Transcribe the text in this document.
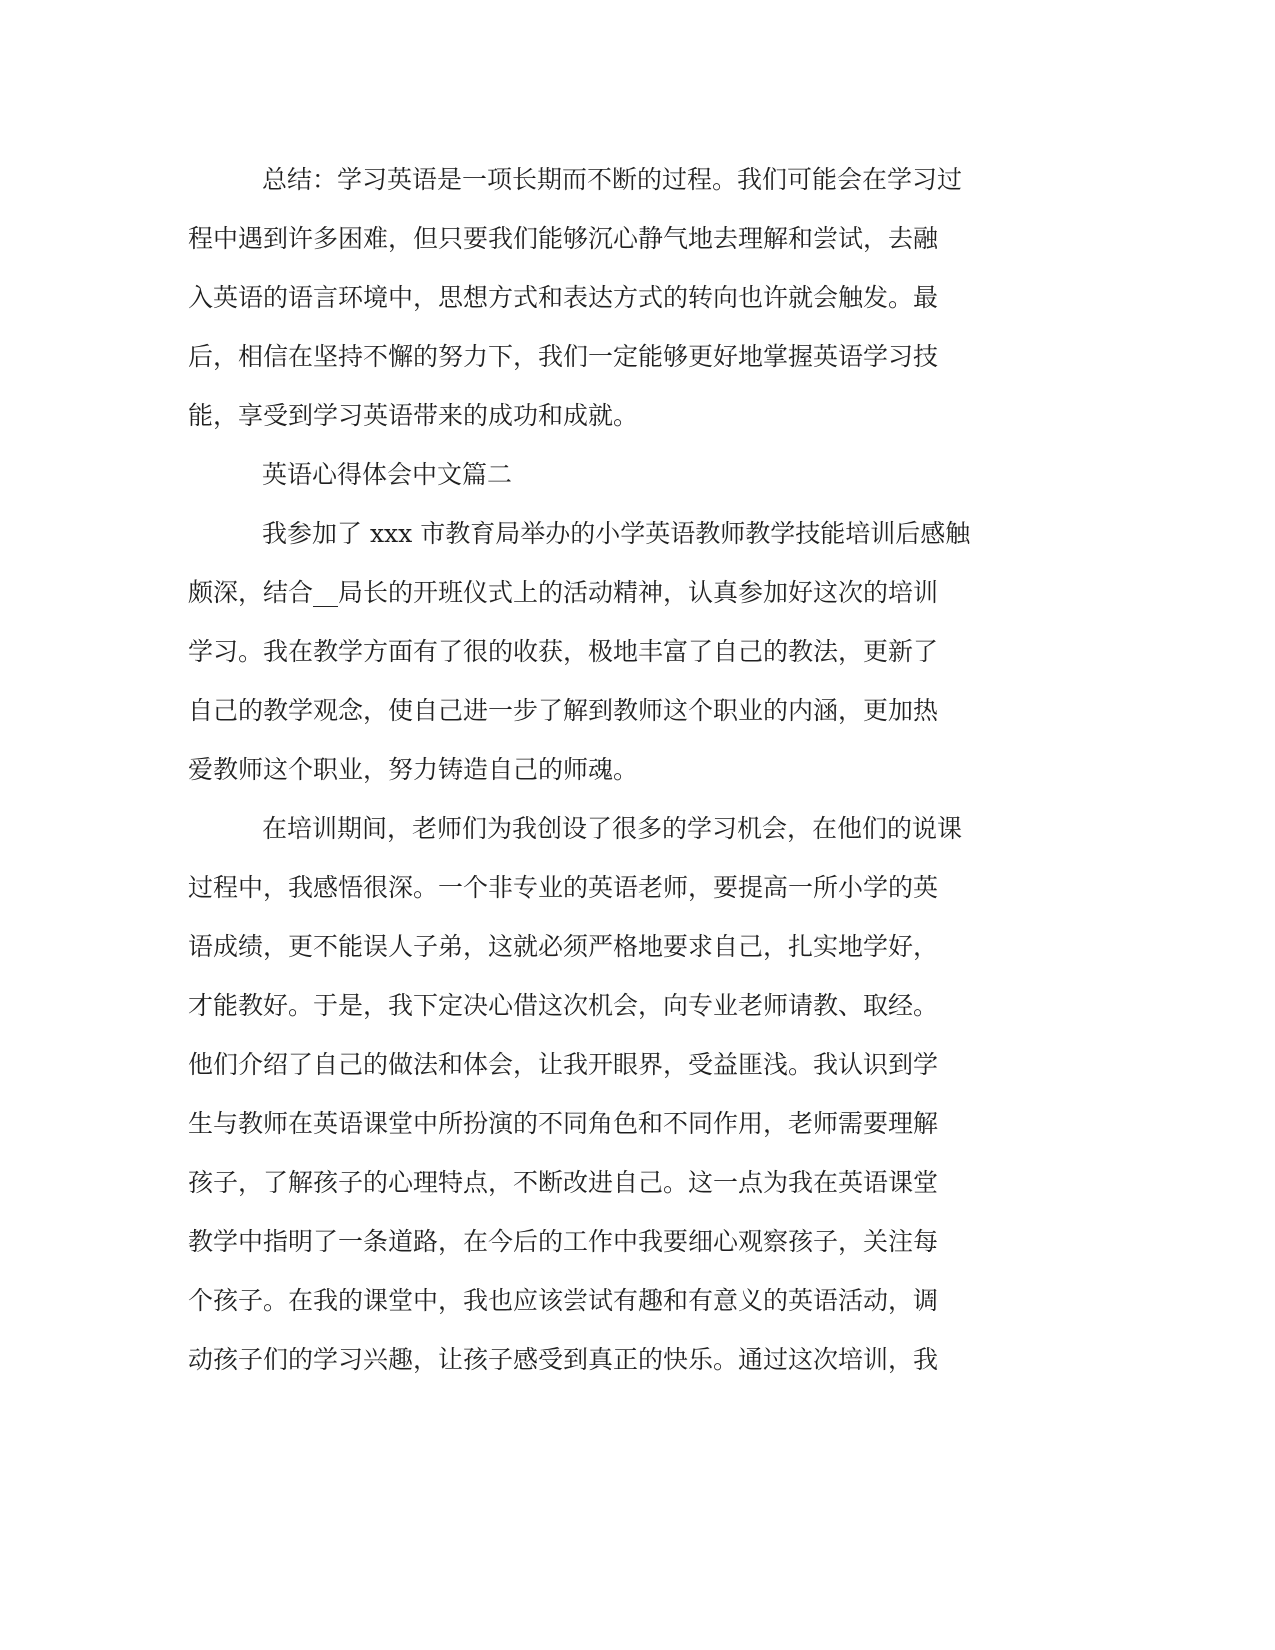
总结：学习英语是一项长期而不断的过程。我们可能会在学习过
程中遇到许多困难，但只要我们能够沉心静气地去理解和尝试，去融
入英语的语言环境中，思想方式和表达方式的转向也许就会触发。最
后，相信在坚持不懈的努力下，我们一定能够更好地掌握英语学习技
能，享受到学习英语带来的成功和成就。
英语心得体会中文篇二
我参加了 xxx 市教育局举办的小学英语教师教学技能培训后感触
颇深，结合__局长的开班仪式上的活动精神，认真参加好这次的培训
学习。我在教学方面有了很的收获，极地丰富了自己的教法，更新了
自己的教学观念，使自己进一步了解到教师这个职业的内涵，更加热
爱教师这个职业，努力铸造自己的师魂。
在培训期间，老师们为我创设了很多的学习机会，在他们的说课
过程中，我感悟很深。一个非专业的英语老师，要提高一所小学的英
语成绩，更不能误人子弟，这就必须严格地要求自己，扎实地学好，
才能教好。于是，我下定决心借这次机会，向专业老师请教、取经。
他们介绍了自己的做法和体会，让我开眼界，受益匪浅。我认识到学
生与教师在英语课堂中所扮演的不同角色和不同作用，老师需要理解
孩子，了解孩子的心理特点，不断改进自己。这一点为我在英语课堂
教学中指明了一条道路，在今后的工作中我要细心观察孩子，关注每
个孩子。在我的课堂中，我也应该尝试有趣和有意义的英语活动，调
动孩子们的学习兴趣，让孩子感受到真正的快乐。通过这次培训，我
